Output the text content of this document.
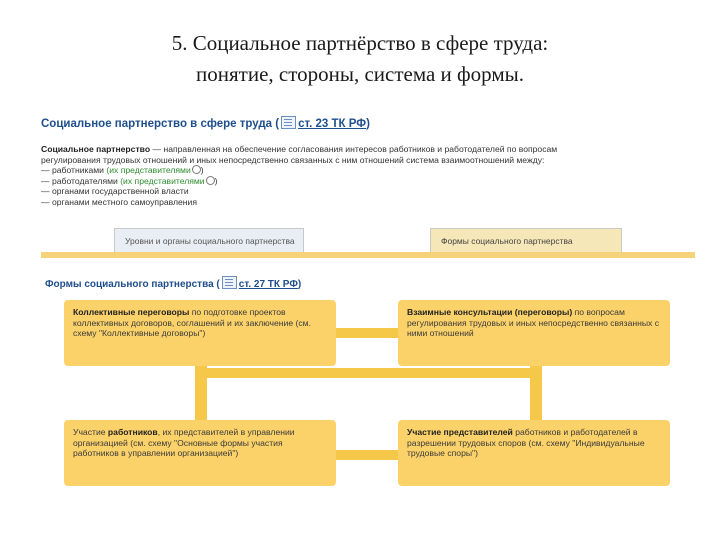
5. Социальное партнёрство в сфере труда:
понятие, стороны, система и формы.
Социальное партнерство в сфере труда ( ст. 23 ТК РФ)
Социальное партнерство — направленная на обеспечение согласования интересов работников и работодателей по вопросам
регулирования трудовых отношений и иных непосредственно связанных с ним отношений система взаимоотношений между:
— работниками (их представителями )
— работодателями (их представителями )
— органами государственной власти
— органами местного самоуправления
Уровни и органы социального партнерства	Формы социального партнерства
Формы социального партнерства ( ст. 27 ТК РФ)
Коллективные переговоры по подготовке проектов коллективных договоров, соглашений и их заключение (см. схему "Коллективные договоры")
Взаимные консультации (переговоры) по вопросам регулирования трудовых и иных непосредственно связанных с ними отношений
Участие работников, их представителей в управлении организацией (см. схему "Основные формы участия работников в управлении организацией")
Участие представителей работников и работодателей в разрешении трудовых споров (см. схему "Индивидуальные трудовые споры")
